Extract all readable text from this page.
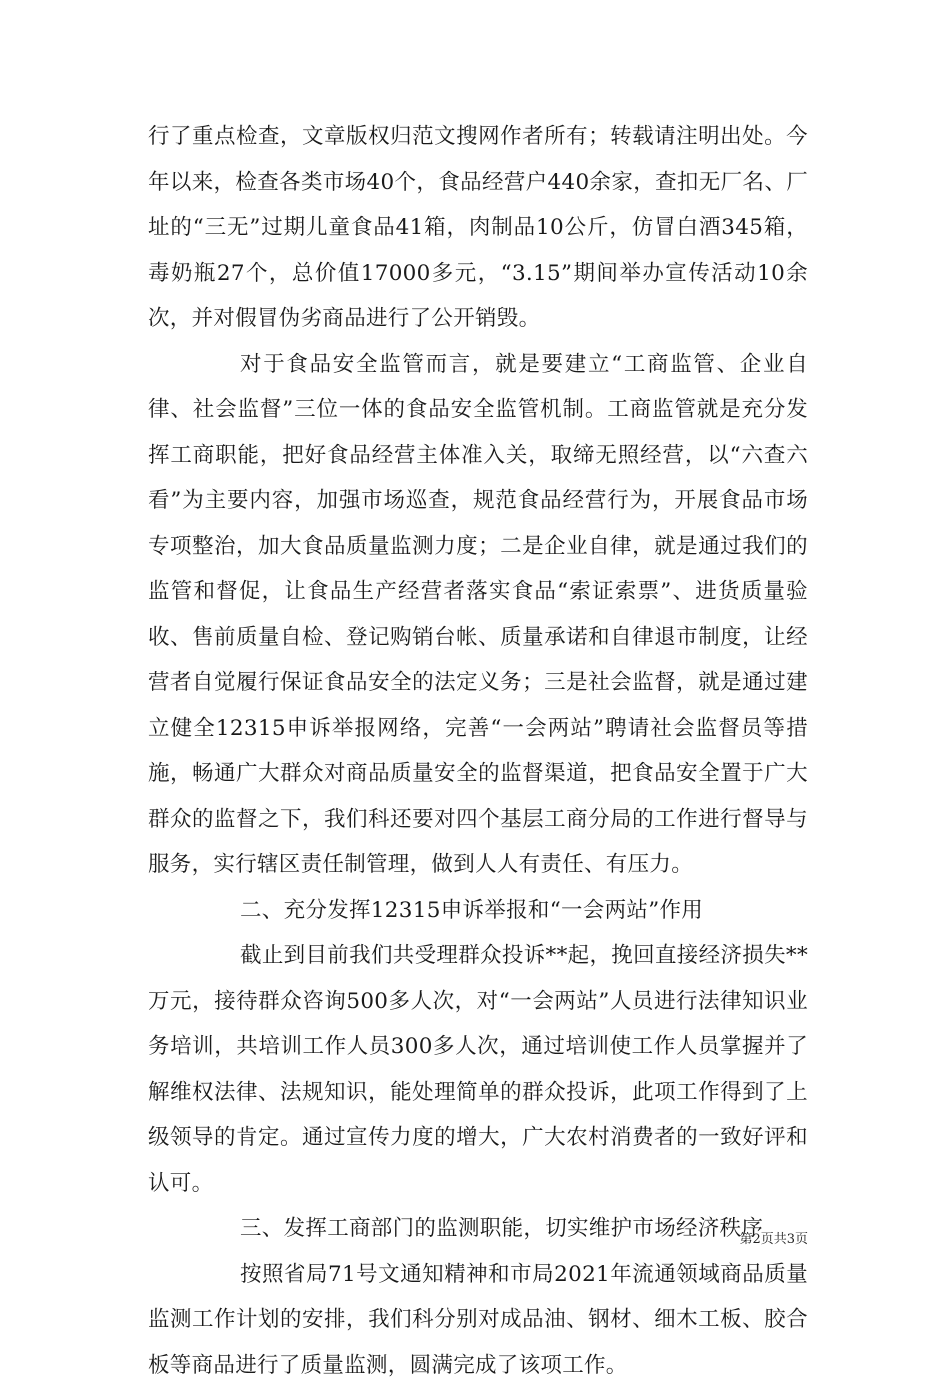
行了重点检查，文章版权归范文搜网作者所有；转载请注明出处。今年以来，检查各类市场40个，食品经营户440余家，查扣无厂名、厂址的“三无”过期儿童食品41箱，肉制品10公斤，仿冒白酒345箱，毒奶瓶27个，总价值17000多元，“3.15”期间举办宣传活动10余次，并对假冒伪劣商品进行了公开销毁。

对于食品安全监管而言，就是要建立“工商监管、企业自律、社会监督”三位一体的食品安全监管机制。工商监管就是充分发挥工商职能，把好食品经营主体准入关，取缔无照经营，以“六查六看”为主要内容，加强市场巡查，规范食品经营行为，开展食品市场专项整治，加大食品质量监测力度；二是企业自律，就是通过我们的监管和督促，让食品生产经营者落实食品“索证索票”、进货质量验收、售前质量自检、登记购销台帐、质量承诺和自律退市制度，让经营者自觉履行保证食品安全的法定义务；三是社会监督，就是通过建立健全12315申诉举报网络，完善“一会两站”聘请社会监督员等措施，畅通广大群众对商品质量安全的监督渠道，把食品安全置于广大群众的监督之下，我们科还要对四个基层工商分局的工作进行督导与服务，实行辖区责任制管理，做到人人有责任、有压力。

二、充分发挥12315申诉举报和“一会两站”作用

截止到目前我们共受理群众投诉**起，挽回直接经济损失**万元，接待群众咨询500多人次，对“一会两站”人员进行法律知识业务培训，共培训工作人员300多人次，通过培训使工作人员掌握并了解维权法律、法规知识，能处理简单的群众投诉，此项工作得到了上级领导的肯定。通过宣传力度的增大，广大农村消费者的一致好评和认可。

三、发挥工商部门的监测职能，切实维护市场经济秩序

按照省局71号文通知精神和市局2021年流通领域商品质量监测工作计划的安排，我们科分别对成品油、钢材、细木工板、胶合板等商品进行了质量监测，圆满完成了该项工作。

第2页共3页
